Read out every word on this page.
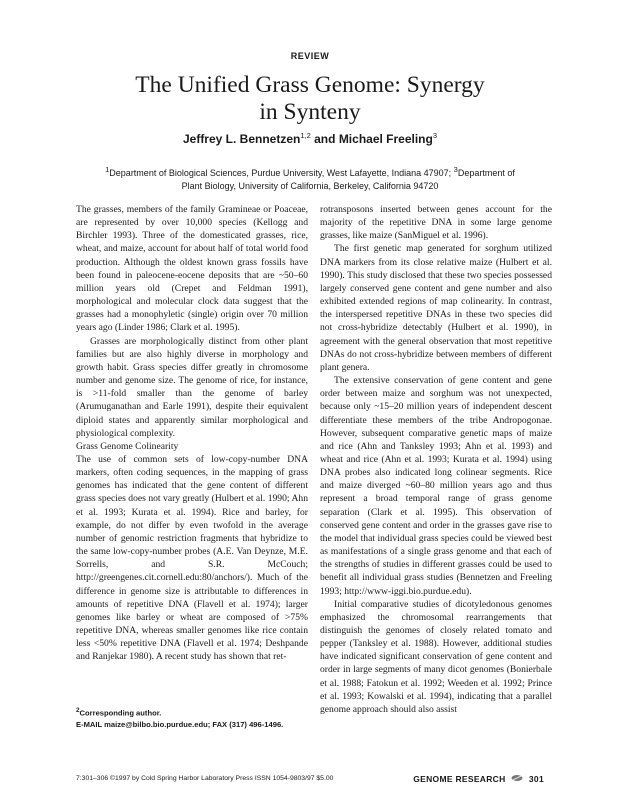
REVIEW
The Unified Grass Genome: Synergy
in Synteny
Jeffrey L. Bennetzen$^{1,2}$ and Michael Freeling$^3$
$^1$Department of Biological Sciences, Purdue University, West Lafayette, Indiana 47907; $^3$Department of
Plant Biology, University of California, Berkeley, California 94720

The grasses, members of the family Gramineae or Poaceae, are represented by over 10,000 species (Kellogg and Birchler 1993). Three of the domesticated grasses, rice, wheat, and maize, account for about half of total world food production. Although the oldest known grass fossils have been found in paleocene-eocene deposits that are ~50–60 million years old (Crepet and Feldman 1991), morphological and molecular clock data suggest that the grasses had a monophyletic (single) origin over 70 million years ago (Linder 1986; Clark et al. 1995).

Grasses are morphologically distinct from other plant families but are also highly diverse in morphology and growth habit. Grass species differ greatly in chromosome number and genome size. The genome of rice, for instance, is >11-fold smaller than the genome of barley (Arumuganathan and Earle 1991), despite their equivalent diploid states and apparently similar morphological and physiological complexity.

Grass Genome Colinearity

The use of common sets of low-copy-number DNA markers, often coding sequences, in the mapping of grass genomes has indicated that the gene content of different grass species does not vary greatly (Hulbert et al. 1990; Ahn et al. 1993; Kurata et al. 1994). Rice and barley, for example, do not differ by even twofold in the average number of genomic restriction fragments that hybridize to the same low-copy-number probes (A.E. Van Deynze, M.E. Sorrells, and S.R. McCouch; http://greengenes.cit.cornell.edu:80/anchors/). Much of the difference in genome size is attributable to differences in amounts of repetitive DNA (Flavell et al. 1974); larger genomes like barley or wheat are composed of >75% repetitive DNA, whereas smaller genomes like rice contain less <50% repetitive DNA (Flavell et al. 1974; Deshpande and Ranjekar 1980). A recent study has shown that ret-

rotransposons inserted between genes account for the majority of the repetitive DNA in some large genome grasses, like maize (SanMiguel et al. 1996).

The first genetic map generated for sorghum utilized DNA markers from its close relative maize (Hulbert et al. 1990). This study disclosed that these two species possessed largely conserved gene content and gene number and also exhibited extended regions of map colinearity. In contrast, the interspersed repetitive DNAs in these two species did not cross-hybridize detectably (Hulbert et al. 1990), in agreement with the general observation that most repetitive DNAs do not cross-hybridize between members of different plant genera.

The extensive conservation of gene content and gene order between maize and sorghum was not unexpected, because only ~15–20 million years of independent descent differentiate these members of the tribe Andropogonae. However, subsequent comparative genetic maps of maize and rice (Ahn and Tanksley 1993; Ahn et al. 1993) and wheat and rice (Ahn et al. 1993; Kurata et al. 1994) using DNA probes also indicated long colinear segments. Rice and maize diverged ~60–80 million years ago and thus represent a broad temporal range of grass genome separation (Clark et al. 1995). This observation of conserved gene content and order in the grasses gave rise to the model that individual grass species could be viewed best as manifestations of a single grass genome and that each of the strengths of studies in different grasses could be used to benefit all individual grass studies (Bennetzen and Freeling 1993; http://www-iggi.bio.purdue.edu).

Initial comparative studies of dicotyledonous genomes emphasized the chromosomal rearrangements that distinguish the genomes of closely related tomato and pepper (Tanksley et al. 1988). However, additional studies have indicated significant conservation of gene content and order in large segments of many dicot genomes (Bonierbale et al. 1988; Fatokun et al. 1992; Weeden et al. 1992; Prince et al. 1993; Kowalski et al. 1994), indicating that a parallel genome approach should also assist

$^2$Corresponding author.
E-MAIL maize@bilbo.bio.purdue.edu; FAX (317) 496-1496.
7:301–306 ©1997 by Cold Spring Harbor Laboratory Press ISSN 1054-9803/97 $5.00	GENOME RESEARCH	301
